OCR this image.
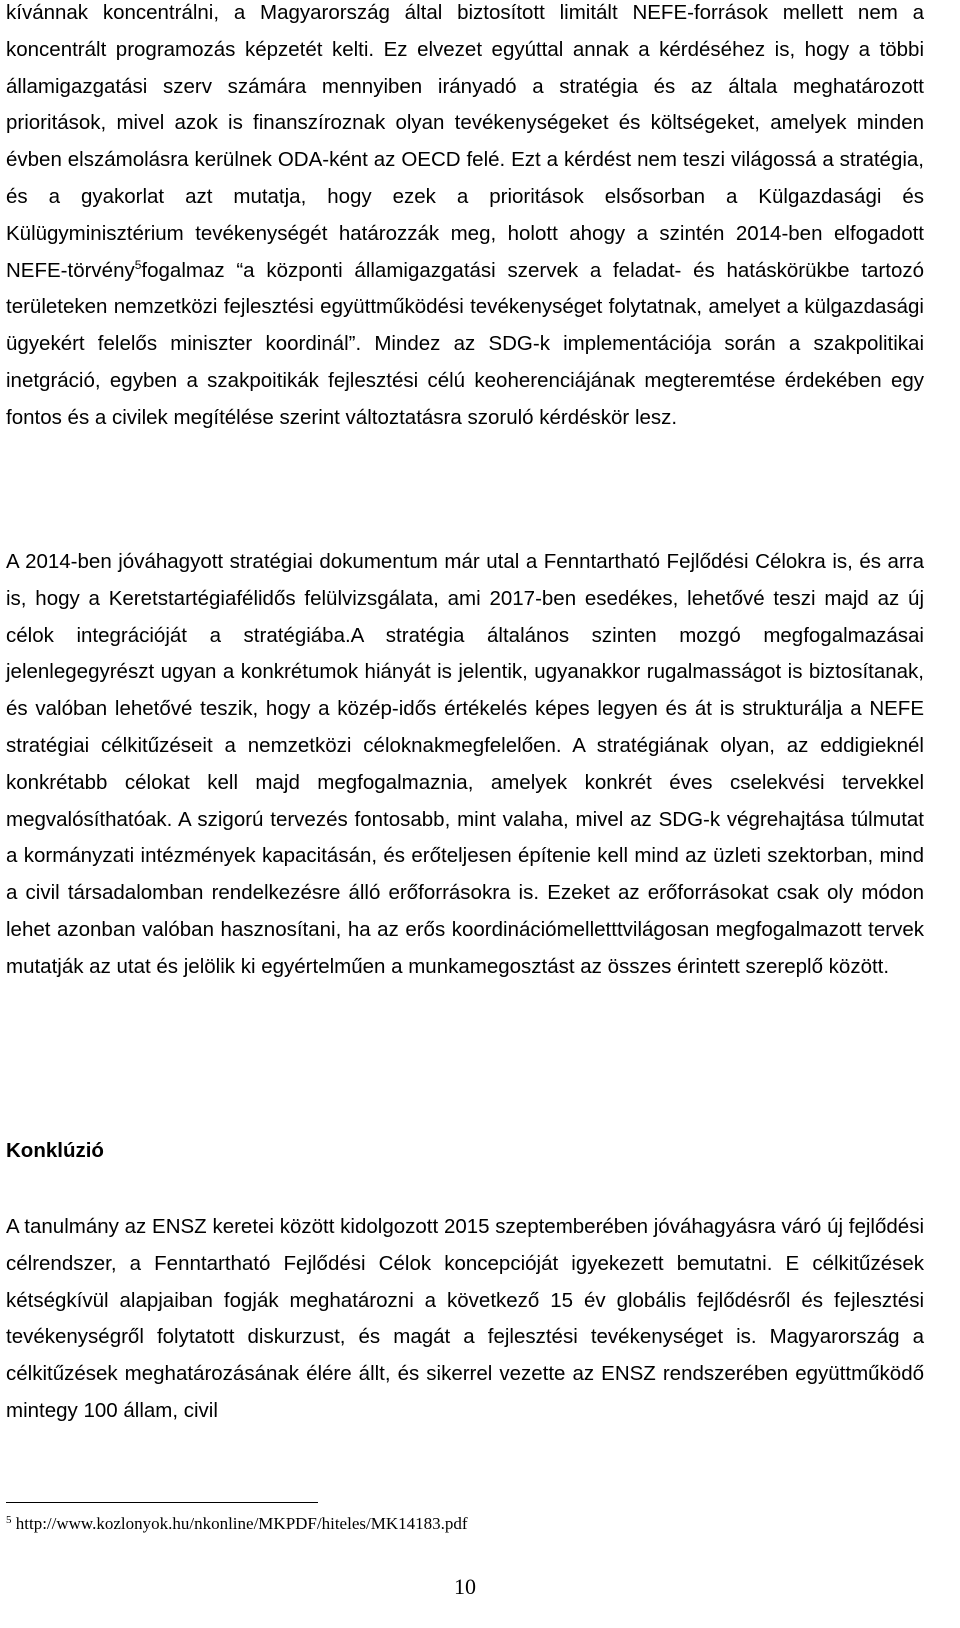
kívánnak koncentrálni, a Magyarország által biztosított limitált NEFE-források mellett nem a koncentrált programozás képzetét kelti. Ez elvezet egyúttal annak a kérdéséhez is, hogy a többi államigazgatási szerv számára mennyiben irányadó a stratégia és az általa meghatározott prioritások, mivel azok is finanszíroznak olyan tevékenységeket és költségeket, amelyek minden évben elszámolásra kerülnek ODA-ként az OECD felé. Ezt a kérdést nem teszi világossá a stratégia, és a gyakorlat azt mutatja, hogy ezek a prioritások elsősorban a Külgazdasági és Külügyminisztérium tevékenységét határozzák meg, holott ahogy a szintén 2014-ben elfogadott NEFE-törvény$^5$fogalmaz “a központi államigazgatási szervek a feladat- és hatáskörükbe tartozó területeken nemzetközi fejlesztési együttműködési tevékenységet folytatnak, amelyet a külgazdasági ügyekért felelős miniszter koordinál”. Mindez az SDG-k implementációja során a szakpolitikai inetgráció, egyben a szakpoitikák fejlesztési célú keoherenciájának megteremtése érdekében egy fontos és a civilek megítélése szerint változtatásra szoruló kérdéskör lesz.

A 2014-ben jóváhagyott stratégiai dokumentum már utal a Fenntartható Fejlődési Célokra is, és arra is, hogy a Keretstartégiafélidős felülvizsgálata, ami 2017-ben esedékes, lehetővé teszi majd az új célok integrációját a stratégiába.A stratégia általános szinten mozgó megfogalmazásai jelenlegegyrészt ugyan a konkrétumok hiányát is jelentik, ugyanakkor rugalmasságot is biztosítanak, és valóban lehetővé teszik, hogy a közép-idős értékelés képes legyen és át is strukturálja a NEFE stratégiai célkitűzéseit a nemzetközi céloknakmegfelelően. A stratégiának olyan, az eddigieknél konkrétabb célokat kell majd megfogalmaznia, amelyek konkrét éves cselekvési tervekkel megvalósíthatóak. A szigorú tervezés fontosabb, mint valaha, mivel az SDG-k végrehajtása túlmutat a kormányzati intézmények kapacitásán, és erőteljesen építenie kell mind az üzleti szektorban, mind a civil társadalomban rendelkezésre álló erőforrásokra is. Ezeket az erőforrásokat csak oly módon lehet azonban valóban hasznosítani, ha az erős koordinációmelletttvilágosan megfogalmazott tervek mutatják az utat és jelölik ki egyértelműen a munkamegosztást az összes érintett szereplő között.

Konklúzió

A tanulmány az ENSZ keretei között kidolgozott 2015 szeptemberében jóváhagyásra váró új fejlődési célrendszer, a Fenntartható Fejlődési Célok koncepcióját igyekezett bemutatni. E célkitűzések kétségkívül alapjaiban fogják meghatározni a következő 15 év globális fejlődésről és fejlesztési tevékenységről folytatott diskurzust, és magát a fejlesztési tevékenységet is. Magyarország a célkitűzések meghatározásának élére állt, és sikerrel vezette az ENSZ rendszerében együttműködő mintegy 100 állam, civil

$^5$ http://www.kozlonyok.hu/nkonline/MKPDF/hiteles/MK14183.pdf
10
